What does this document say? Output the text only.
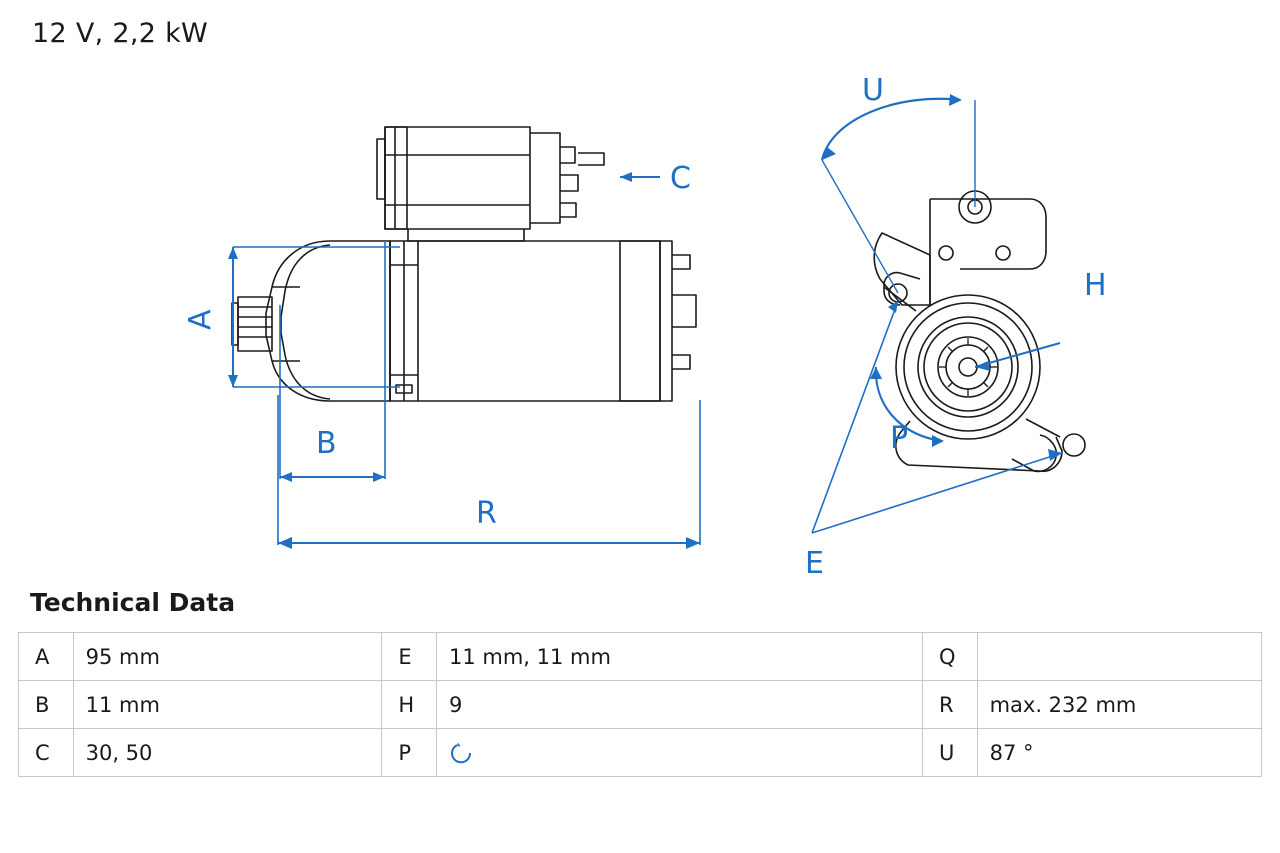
12 V, 2,2 kW
A
B
C
R
U
H
P
E
Technical Data
A	95 mm	E	11 mm, 11 mm	Q	
B	11 mm	H	9	R	max. 232 mm
C	30, 50	P		U	87 °
